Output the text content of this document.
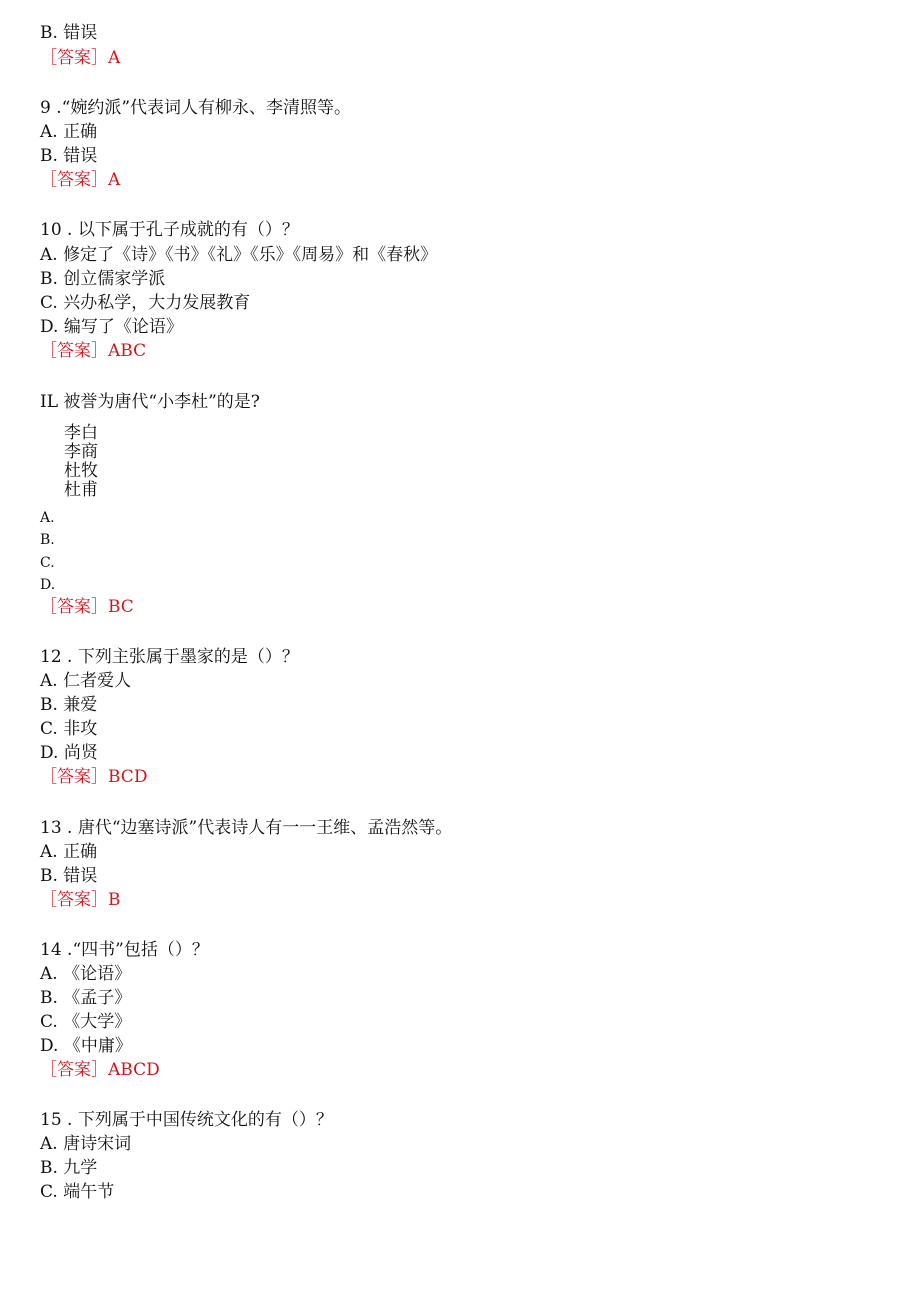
B. 错误
［答案］A
9 .“婉约派”代表词人有柳永、李清照等。
A. 正确
B. 错误
［答案］A
10 . 以下属于孔子成就的有（）？
A. 修定了《诗》《书》《礼》《乐》《周易》和《春秋》
B. 创立儒家学派
C. 兴办私学，大力发展教育
D. 编写了《论语》
［答案］ABC
IL 被誉为唐代“小李杜”的是?
李白
李商
杜牧
杜甫
A.
B.
C.
D.
［答案］BC
12 . 下列主张属于墨家的是（）？
A. 仁者爱人
B. 兼爱
C. 非攻
D. 尚贤
［答案］BCD
13 . 唐代“边塞诗派”代表诗人有一一王维、孟浩然等。
A. 正确
B. 错误
［答案］B
14 .“四书”包括（）？
A. 《论语》
B. 《孟子》
C. 《大学》
D. 《中庸》
［答案］ABCD
15 . 下列属于中国传统文化的有（）？
A. 唐诗宋词
B. 九学
C. 端午节
